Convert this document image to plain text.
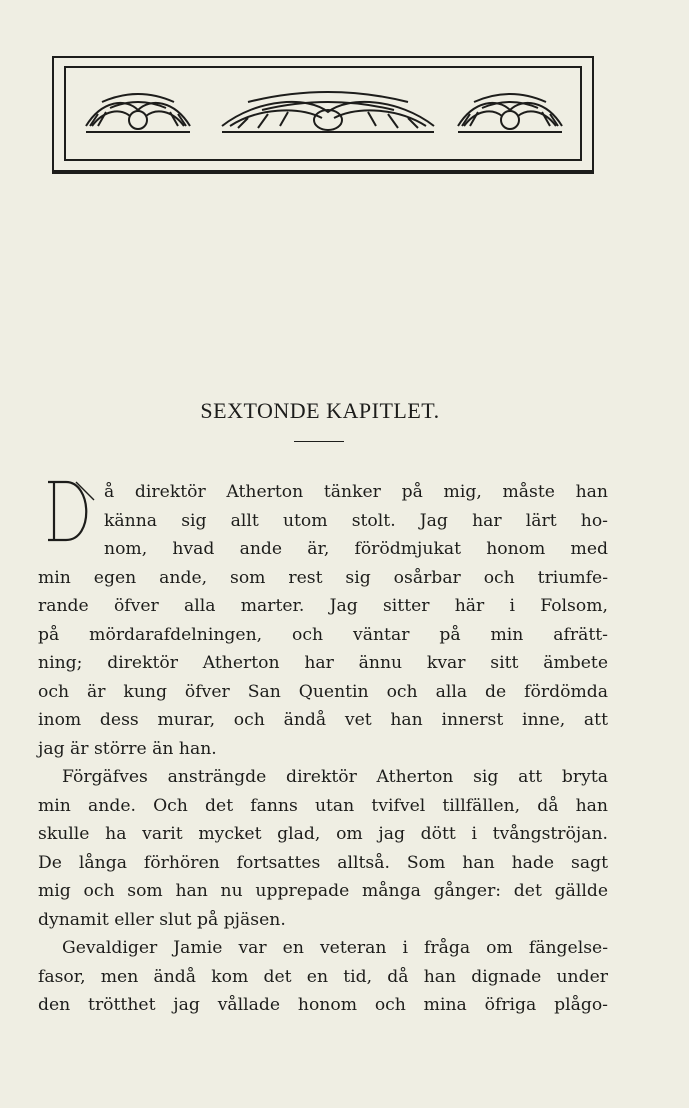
SEXTONDE KAPITLET.
å direktör Atherton tänker på mig, måste han
känna sig allt utom stolt. Jag har lärt ho-
nom, hvad ande är, förödmjukat honom med
min egen ande, som rest sig osårbar och triumfe-
rande öfver alla marter. Jag sitter här i Folsom,
på mördarafdelningen, och väntar på min afrätt-
ning; direktör Atherton har ännu kvar sitt ämbete
och är kung öfver San Quentin och alla de fördömda
inom dess murar, och ändå vet han innerst inne, att
jag är större än han.
Förgäfves ansträngde direktör Atherton sig att bryta
min ande. Och det fanns utan tvifvel tillfällen, då han
skulle ha varit mycket glad, om jag dött i tvångströjan.
De långa förhören fortsattes alltså. Som han hade sagt
mig och som han nu upprepade många gånger: det gällde
dynamit eller slut på pjäsen.
Gevaldiger Jamie var en veteran i fråga om fängelse-
fasor, men ändå kom det en tid, då han dignade under
den trötthet jag vållade honom och mina öfriga plågo-
